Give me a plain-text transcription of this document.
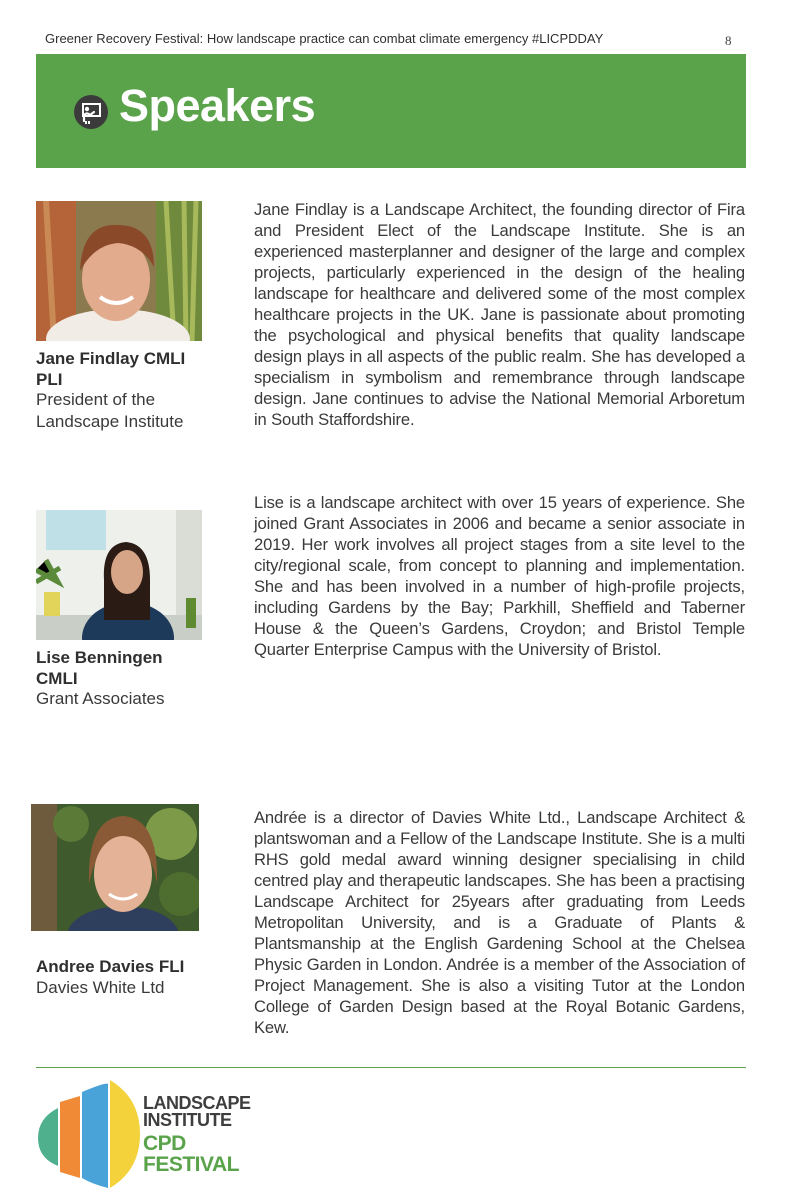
Greener Recovery Festival: How landscape practice can combat climate emergency #LICPDDAY	8
Speakers
Jane Findlay CMLI
PLI
President of the
Landscape Institute
Jane Findlay is a Landscape Architect, the founding director of Fira and President Elect of the Landscape Institute. She is an experienced masterplanner and designer of the large and complex projects, particularly experienced in the design of the healing landscape for healthcare and delivered some of the most complex healthcare projects in the UK. Jane is passionate about promoting the psychological and physical benefits that quality landscape design plays in all aspects of the public realm. She has developed a specialism in symbolism and remembrance through landscape design. Jane continues to advise the National Memorial Arboretum in South Staffordshire.
Lise Benningen
CMLI
Grant Associates
Lise is a landscape architect with over 15 years of experience. She joined Grant Associates in 2006 and became a senior associate in 2019. Her work involves all project stages from a site level to the city/regional scale, from concept to planning and implementation. She and has been involved in a number of high-profile projects, including Gardens by the Bay; Parkhill, Sheffield and Taberner House & the Queen’s Gardens, Croydon; and Bristol Temple Quarter Enterprise Campus with the University of Bristol.
Andree Davies FLI
Davies White Ltd
Andrée is a director of Davies White Ltd., Landscape Architect & plantswoman and a Fellow of the Landscape Institute. She is a multi RHS gold medal award winning designer specialising in child centred play and therapeutic landscapes. She has been a practising Landscape Architect for 25years after graduating from Leeds Metropolitan University, and is a Graduate of Plants & Plantsmanship at the English Gardening School at the Chelsea Physic Garden in London. Andrée is a member of the Association of Project Management. She is also a visiting Tutor at the London College of Garden Design based at the Royal Botanic Gardens, Kew.
LANDSCAPE
INSTITUTE
CPD
FESTIVAL
